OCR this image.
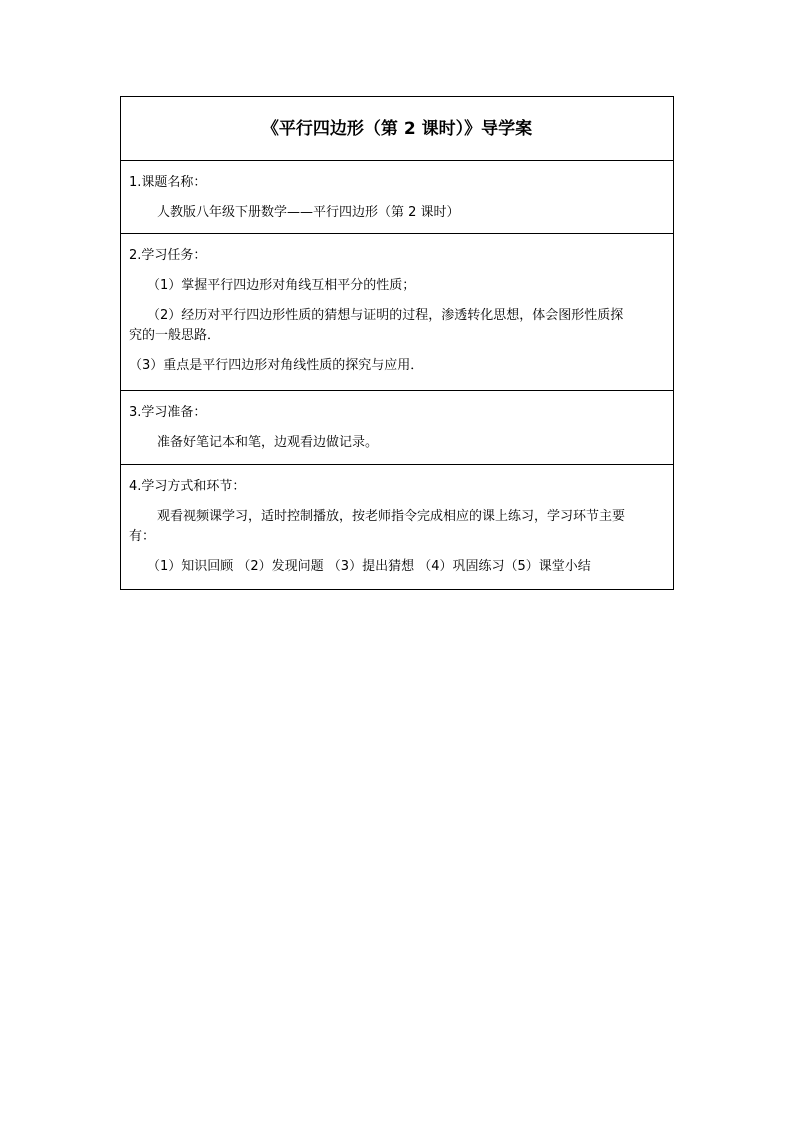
《平行四边形（第 2 课时）》导学案
1.课题名称：
人教版八年级下册数学——平行四边形（第 2 课时）
2.学习任务：
（1）掌握平行四边形对角线互相平分的性质；
（2）经历对平行四边形性质的猜想与证明的过程，渗透转化思想，体会图形性质探
究的一般思路．
（3）重点是平行四边形对角线性质的探究与应用．
3.学习准备：
准备好笔记本和笔，边观看边做记录。
4.学习方式和环节：
观看视频课学习，适时控制播放，按老师指令完成相应的课上练习，学习环节主要
有：
（1）知识回顾 （2）发现问题 （3）提出猜想 （4）巩固练习（5）课堂小结
